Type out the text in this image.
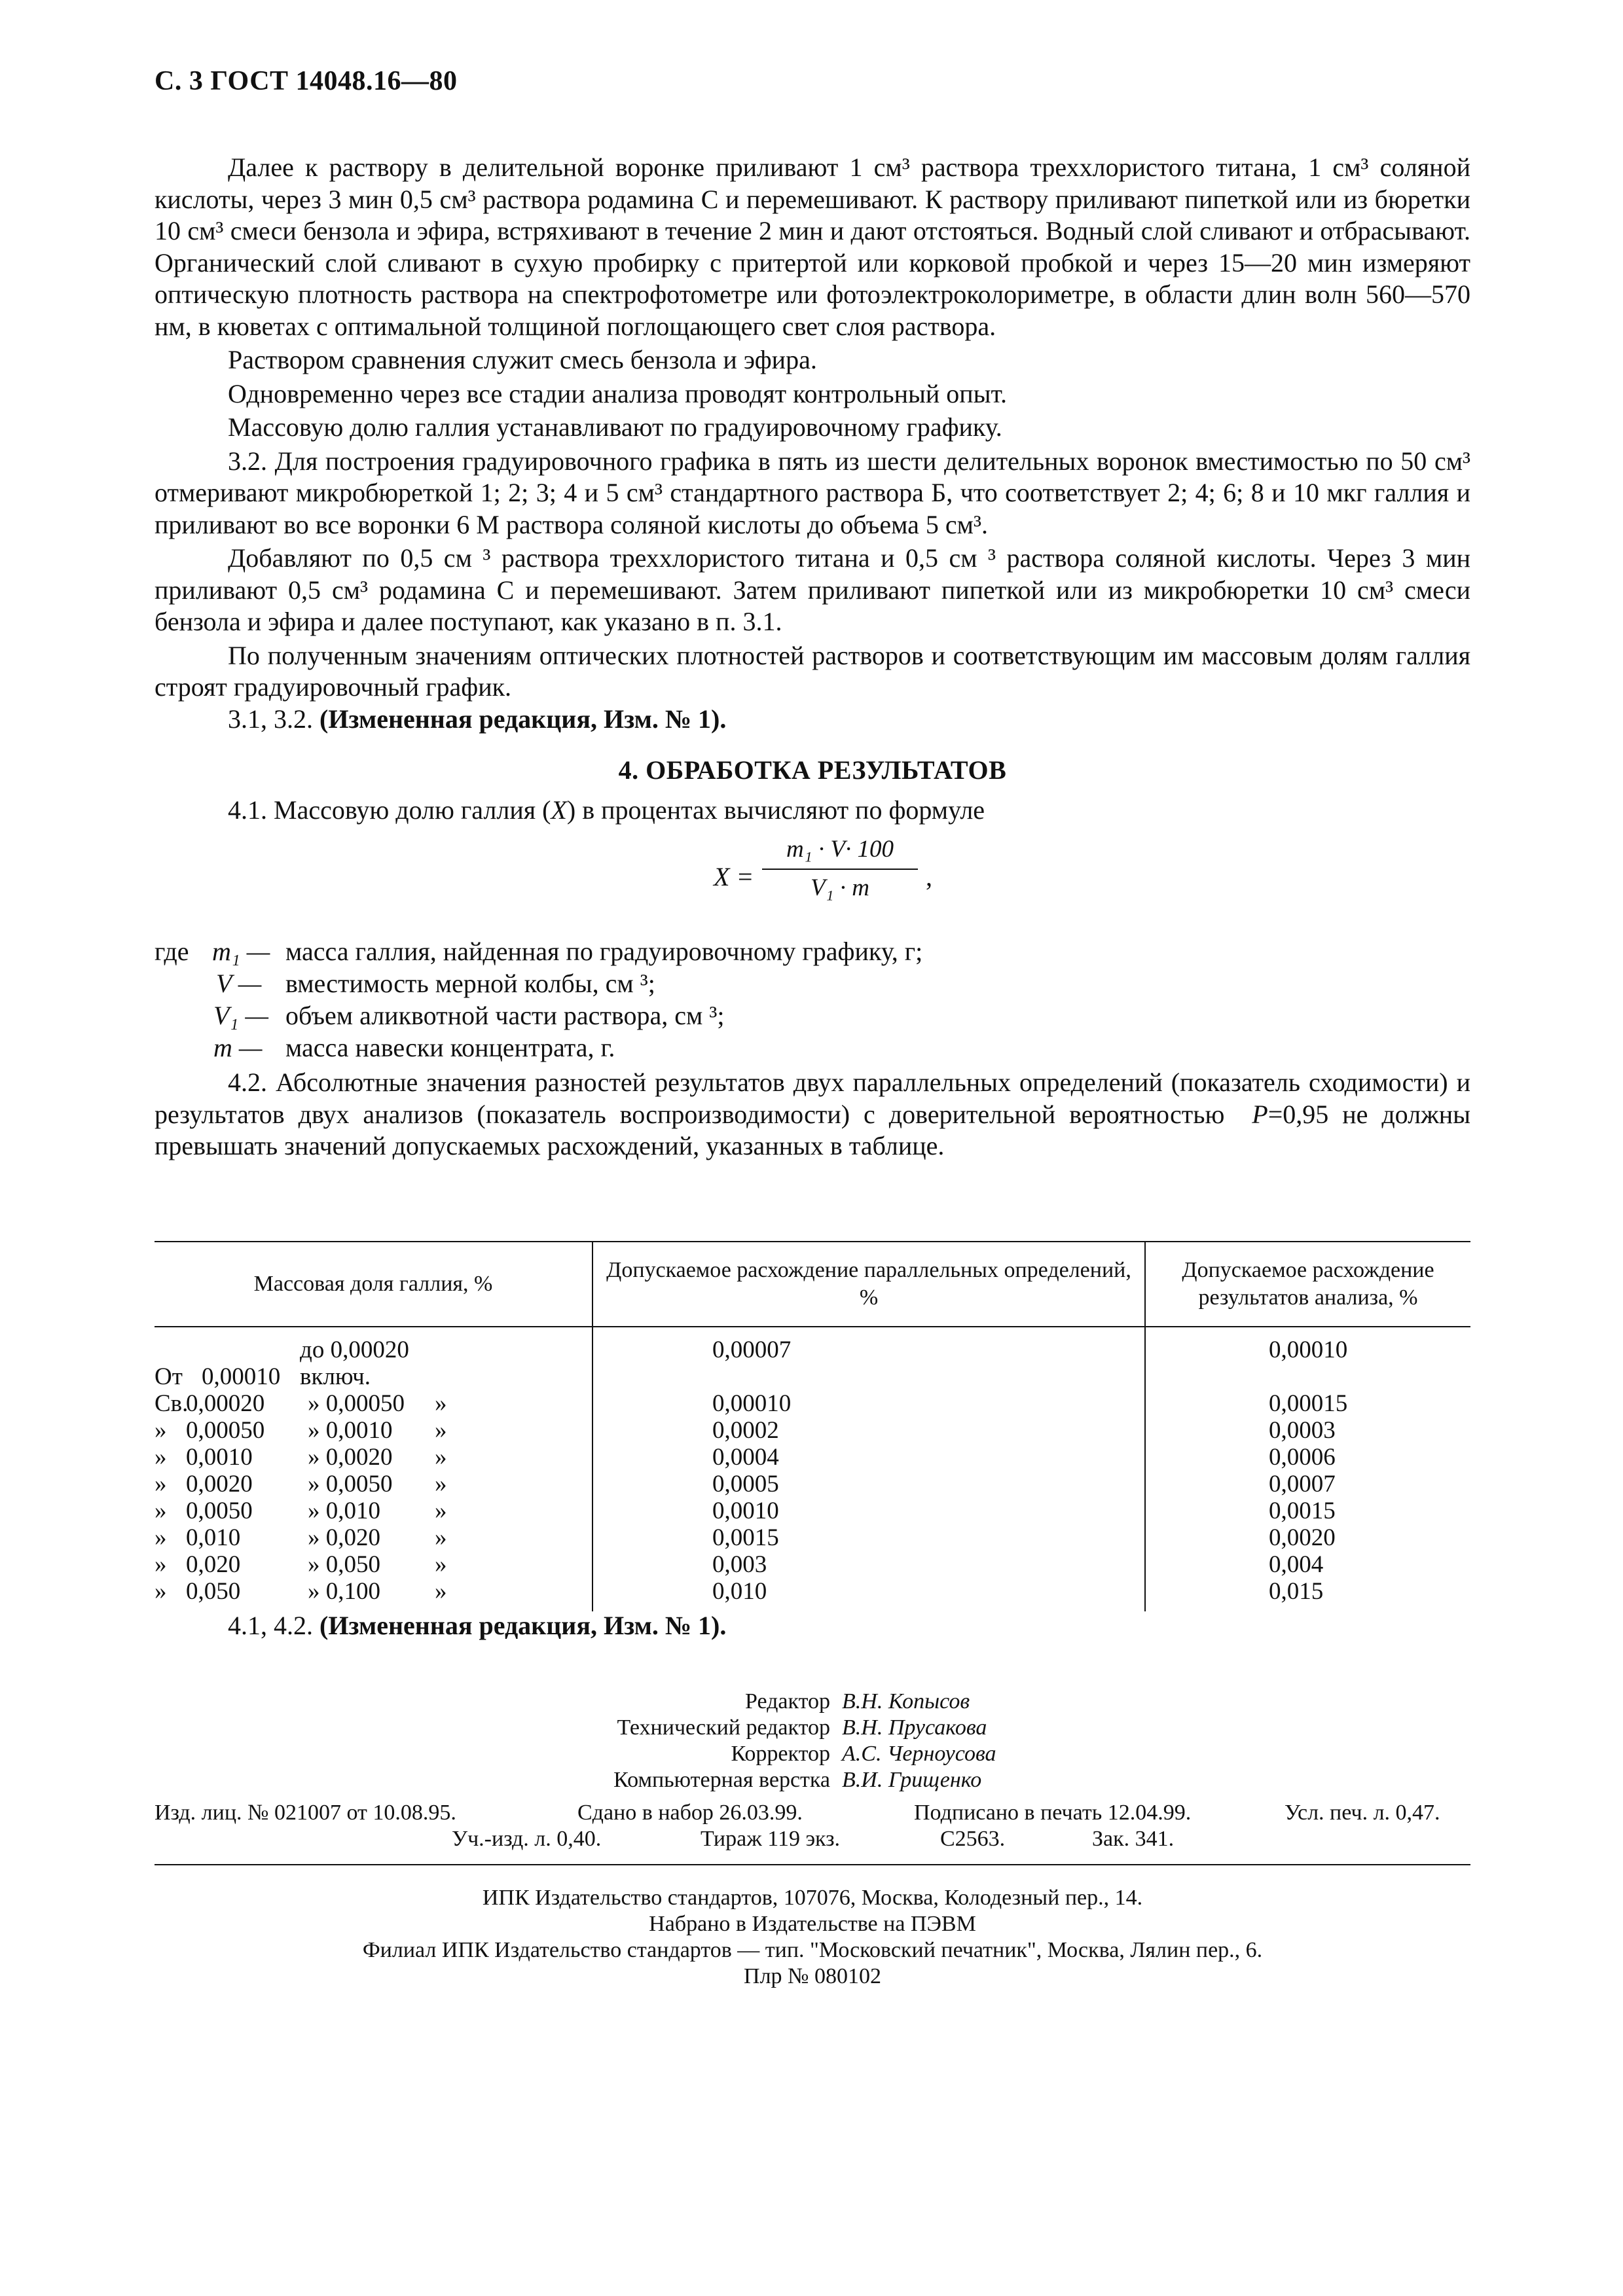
С. 3 ГОСТ 14048.16—80

Далее к раствору в делительной воронке приливают 1 см³ раствора треххлористого титана, 1 см³ соляной кислоты, через 3 мин 0,5 см³ раствора родамина С и перемешивают. К раствору приливают пипеткой или из бюретки 10 см³ смеси бензола и эфира, встряхивают в течение 2 мин и дают отстояться. Водный слой сливают и отбрасывают. Органический слой сливают в сухую пробирку с притертой или корковой пробкой и через 15—20 мин измеряют оптическую плотность раствора на спектрофотометре или фотоэлектроколориметре, в области длин волн 560—570 нм, в кюветах с оптимальной толщиной поглощающего свет слоя раствора.

Раствором сравнения служит смесь бензола и эфира.

Одновременно через все стадии анализа проводят контрольный опыт.

Массовую долю галлия устанавливают по градуировочному графику.

3.2. Для построения градуировочного графика в пять из шести делительных воронок вместимостью по 50 см³ отмеривают микробюреткой 1; 2; 3; 4 и 5 см³ стандартного раствора Б, что соответствует 2; 4; 6; 8 и 10 мкг галлия и приливают во все воронки 6 М раствора соляной кислоты до объема 5 см³.

Добавляют по 0,5 см ³ раствора треххлористого титана и 0,5 см ³ раствора соляной кислоты. Через 3 мин приливают 0,5 см³ родамина С и перемешивают. Затем приливают пипеткой или из микробюретки 10 см³ смеси бензола и эфира и далее поступают, как указано в п. 3.1.

По полученным значениям оптических плотностей растворов и соответствующим им массовым долям галлия строят градуировочный график.

3.1, 3.2. (Измененная редакция, Изм. № 1).

4. ОБРАБОТКА РЕЗУЛЬТАТОВ

4.1. Массовую долю галлия (X) в процентах вычисляют по формуле

X =
m₁ · V· 100
V₁ · m	,
где m₁ — масса галлия, найденная по градуировочному графику, г;
V — вместимость мерной колбы, см ³;
V₁ — объем аликвотной части раствора, см ³;
m — масса навески концентрата, г.

4.2. Абсолютные значения разностей результатов двух параллельных определений (показатель сходимости) и результатов двух анализов (показатель воспроизводимости) с доверительной вероятностью P=0,95 не должны превышать значений допускаемых расхождений, указанных в таблице.

Массовая доля галлия, %	Допускаемое расхождение параллельных определений, %	Допускаемое расхождение результатов анализа, %
От 0,00010до 0,00020 включ.	0,00007	0,00010
Св.0,00020 » 0,00050 »	0,00010	0,00015
» 0,00050 » 0,0010 »	0,0002	0,0003
» 0,0010 » 0,0020 »	0,0004	0,0006
» 0,0020 » 0,0050 »	0,0005	0,0007
» 0,0050 » 0,010 »	0,0010	0,0015
» 0,010 » 0,020 »	0,0015	0,0020
» 0,020 » 0,050 »	0,003	0,004
» 0,050 » 0,100 »	0,010	0,015
4.1, 4.2. (Измененная редакция, Изм. № 1).
Редактор В.Н. Копысов
Технический редактор В.Н. Прусакова
Корректор А.С. Черноусова
Компьютерная верстка В.И. Грищенко
Изд. лиц. № 021007 от 10.08.95.	Сдано в набор 26.03.99.	Подписано в печать 12.04.99.	Усл. печ. л. 0,47.
Уч.-изд. л. 0,40.	Тираж 119 экз.	С2563.	Зак. 341.
ИПК Издательство стандартов, 107076, Москва, Колодезный пер., 14.
Набрано в Издательстве на ПЭВМ
Филиал ИПК Издательство стандартов — тип. "Московский печатник", Москва, Лялин пер., 6.
Плр № 080102
